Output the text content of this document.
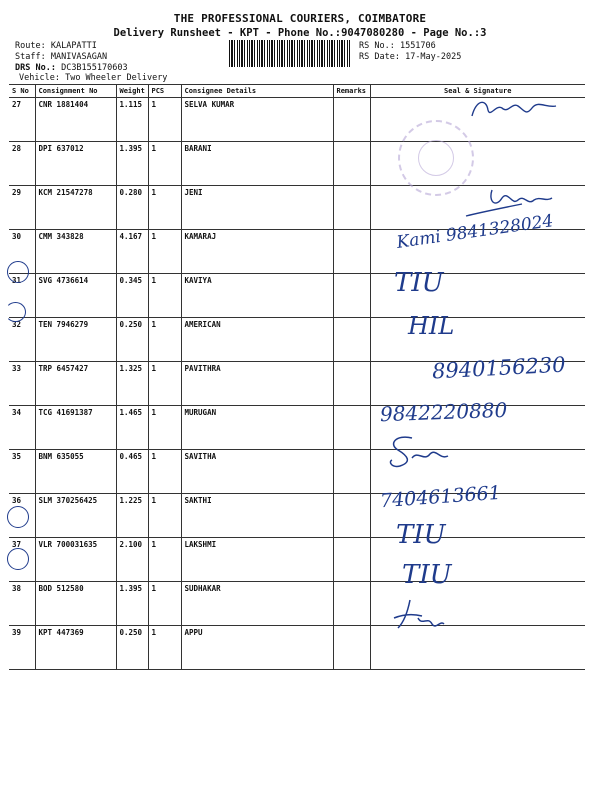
THE PROFESSIONAL COURIERS, COIMBATORE
Delivery Runsheet - KPT - Phone No.:9047080280 - Page No.:3
Route: KALAPATTI
Staff: MANIVASAGAN
DRS No.: DC3B155170603
Vehicle: Two Wheeler Delivery
RS No.: 1551706
RS Date: 17-May-2025
S No	Consignment No	Weight	PCS	Consignee Details	Remarks	Seal & Signature
27	CNR 1881404	1.115	1	SELVA KUMAR		
28	DPI 637012	1.395	1	BARANI		
29	KCM 21547278	0.280	1	JENI		
30	CMM 343828	4.167	1	KAMARAJ		
31	SVG 4736614	0.345	1	KAVIYA		
32	TEN 7946279	0.250	1	AMERICAN		
33	TRP 6457427	1.325	1	PAVITHRA		
34	TCG 41691387	1.465	1	MURUGAN		
35	BNM 635055	0.465	1	SAVITHA		
36	SLM 370256425	1.225	1	SAKTHI		
37	VLR 700031635	2.100	1	LAKSHMI		
38	BOD 512580	1.395	1	SUDHAKAR		
39	KPT 447369	0.250	1	APPU		
Kami 9841328024
TIU
HIL
8940156230
9842220880
7404613661
TIU
TIU
